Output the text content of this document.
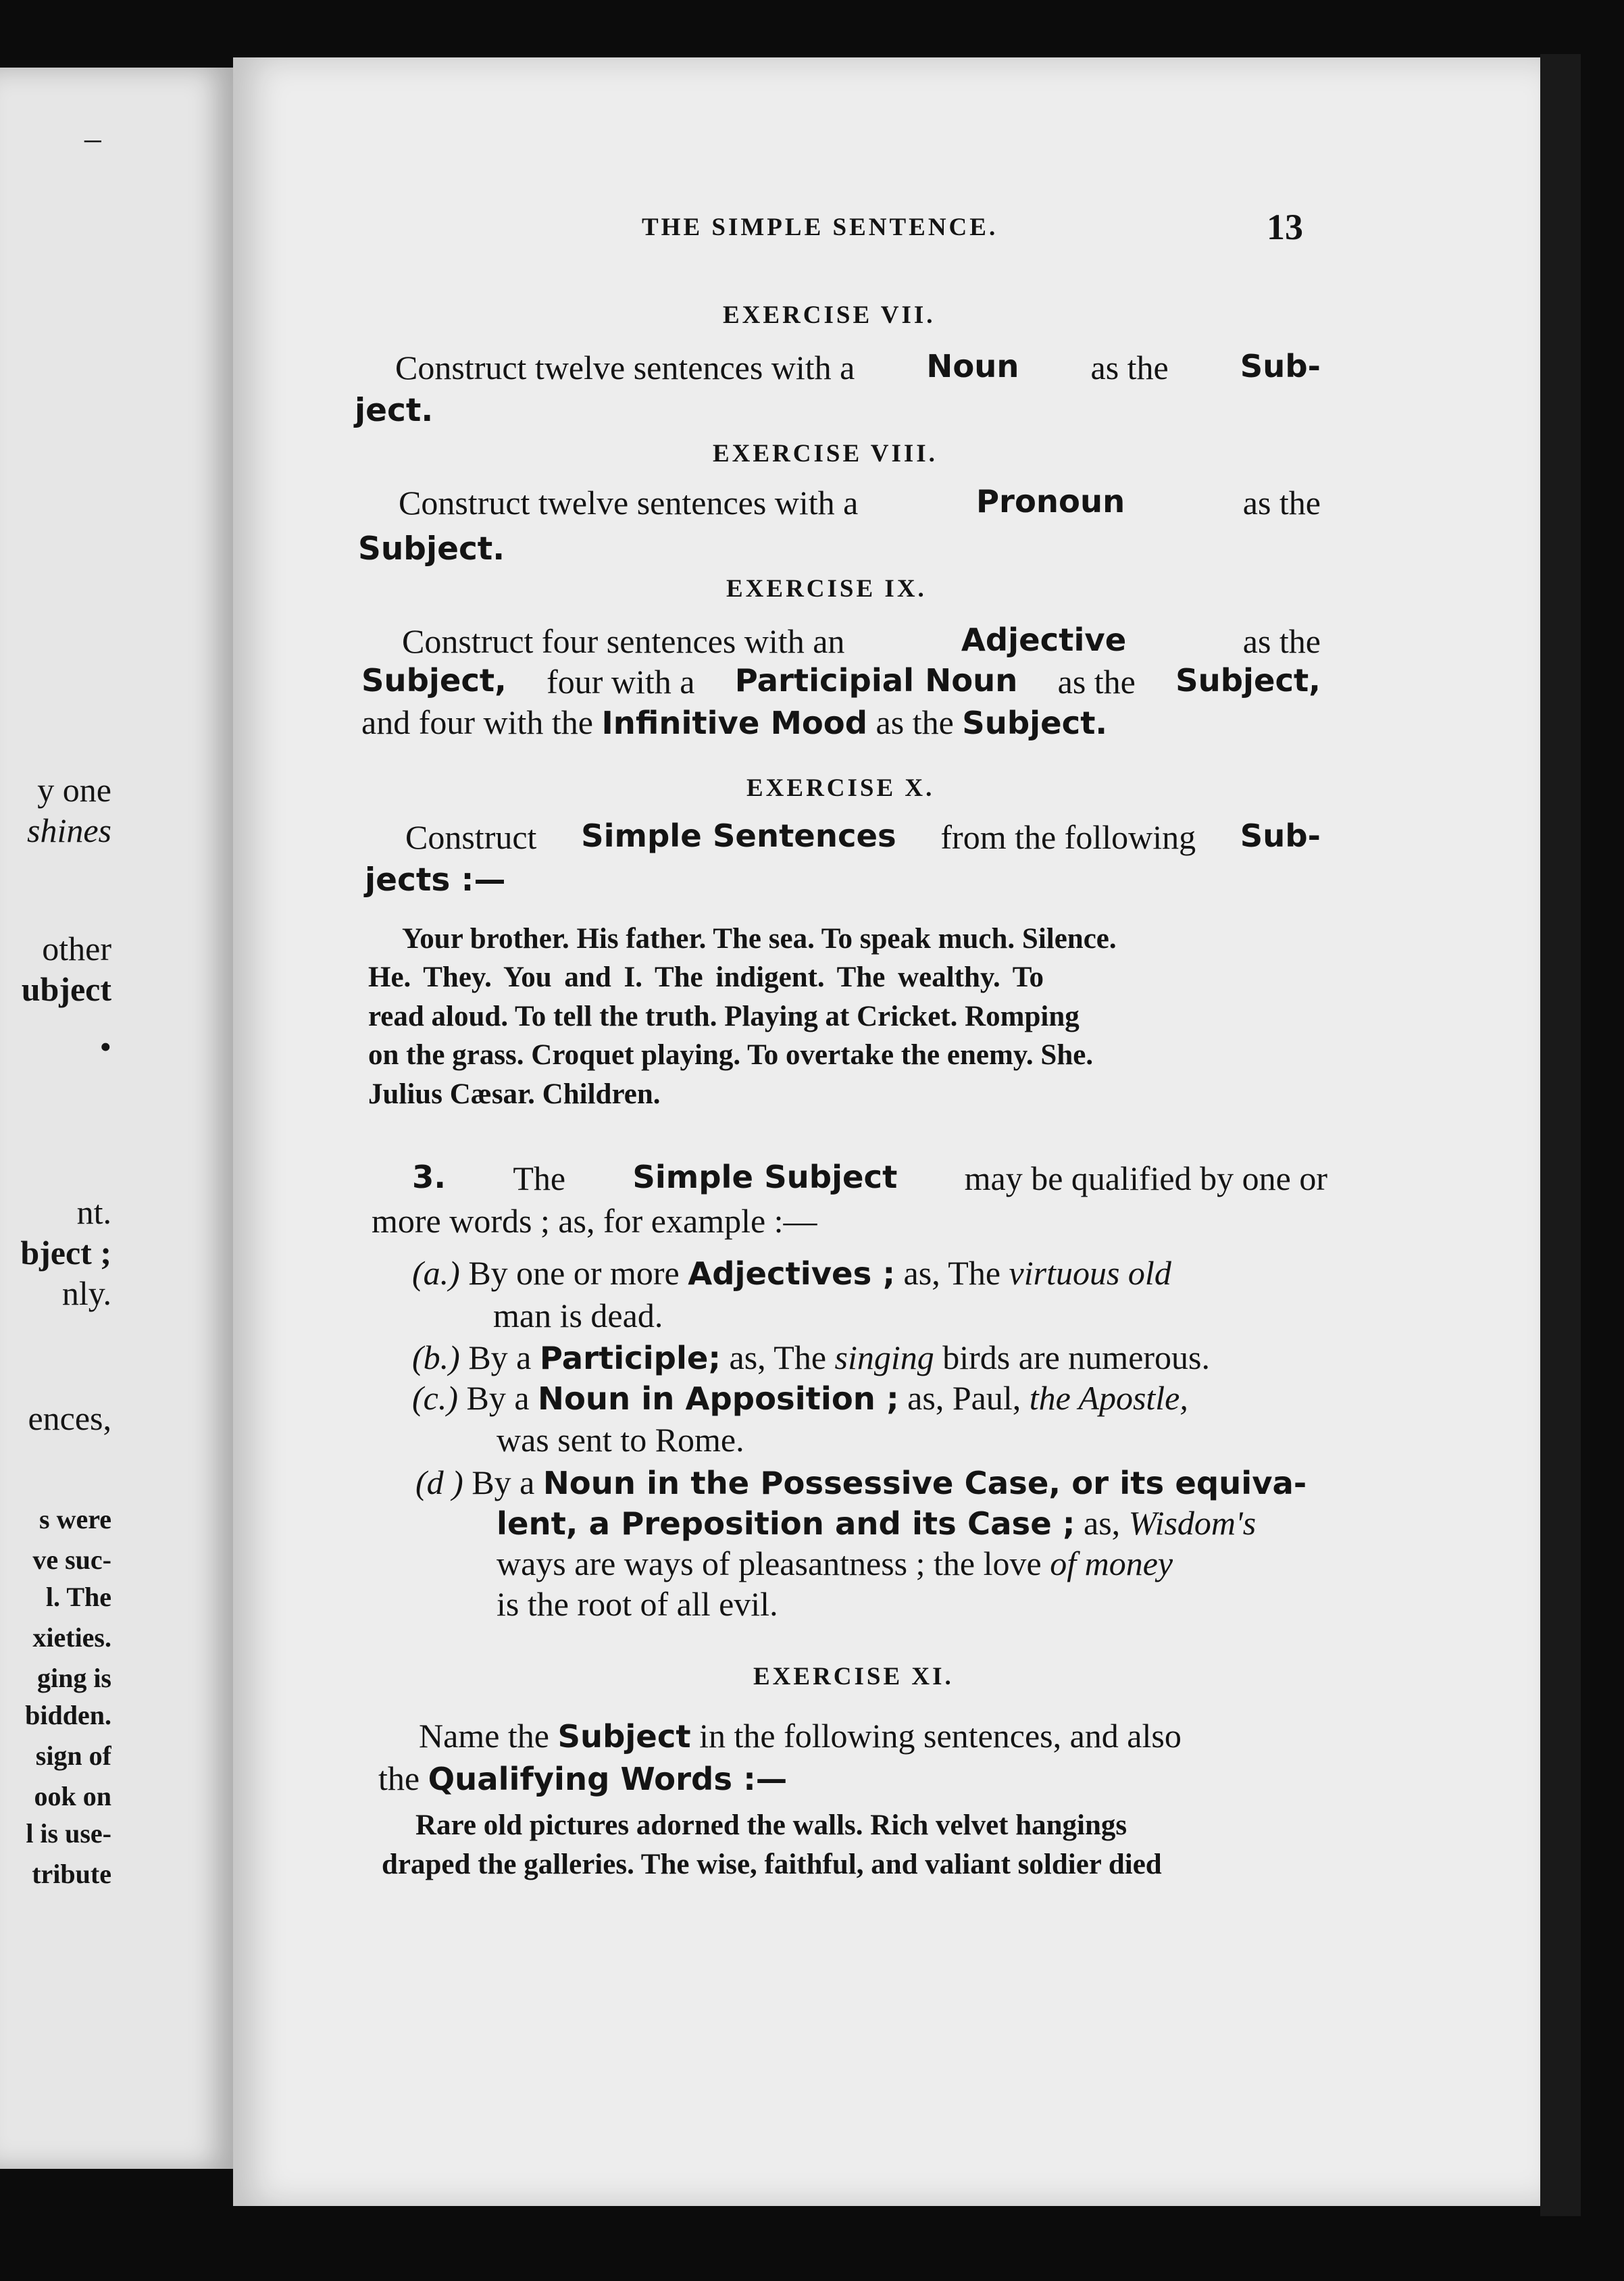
–
y one
shines
other
ubject
•
nt.
bject ;
nly.
ences,
s were
ve suc-
l. The
xieties.
ging is
bidden.
sign of
ook on
l is use-
tribute
THE SIMPLE SENTENCE.	13
EXERCISE VII.
Construct twelve sentences with a Noun as the Sub-
ject.
EXERCISE VIII.
Construct twelve sentences with a	Pronoun	as the
Subject.
EXERCISE IX.
Construct four sentences with an	Adjective	as the
Subject, four with a Participial Noun as the Subject,
and four with the Infinitive Mood as the Subject.
EXERCISE X.
Construct Simple Sentences from the following Sub-
jects :—
Your brother. His father. The sea. To speak much. Silence.
He. They. You and I. The indigent. The wealthy. To
read aloud. To tell the truth. Playing at Cricket. Romping
on the grass. Croquet playing. To overtake the enemy. She.
Julius Cæsar. Children.
3. The Simple Subject may be qualified by one or
more words ; as, for example :—
(a.) By one or more Adjectives ; as, The virtuous old
man is dead.
(b.) By a Participle; as, The singing birds are numerous.
(c.) By a Noun in Apposition ; as, Paul, the Apostle,
was sent to Rome.
(d ) By a Noun in the Possessive Case, or its equiva-
lent, a Preposition and its Case ; as, Wisdom's
ways are ways of pleasantness ; the love of money
is the root of all evil.
EXERCISE XI.
Name the Subject in the following sentences, and also
the Qualifying Words :—
Rare old pictures adorned the walls. Rich velvet hangings
draped the galleries. The wise, faithful, and valiant soldier died
